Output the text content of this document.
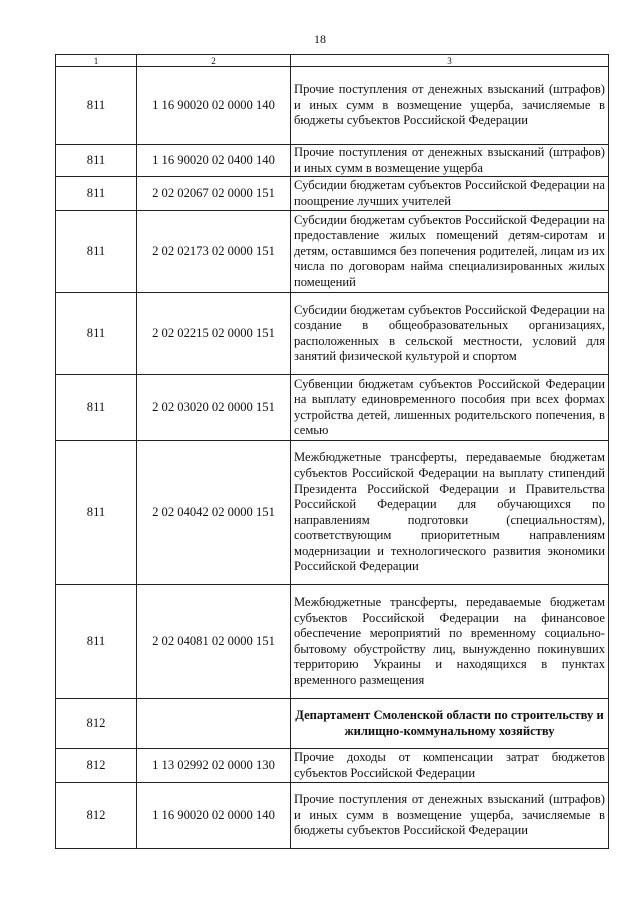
18
1	2	3
811	1 16 90020 02 0000 140	Прочие поступления от денежных взысканий (штрафов) и иных сумм в возмещение ущерба, зачисляемые в бюджеты субъектов Российской Федерации
811	1 16 90020 02 0400 140	Прочие поступления от денежных взысканий (штрафов) и иных сумм в возмещение ущерба
811	2 02 02067 02 0000 151	Субсидии бюджетам субъектов Российской Федерации на поощрение лучших учителей
811	2 02 02173 02 0000 151	Субсидии бюджетам субъектов Российской Федерации на предоставление жилых помещений детям-сиротам и детям, оставшимся без попечения родителей, лицам из их числа по договорам найма специализированных жилых помещений
811	2 02 02215 02 0000 151	Субсидии бюджетам субъектов Российской Федерации на создание в общеобразовательных организациях, расположенных в сельской местности, условий для занятий физической культурой и спортом
811	2 02 03020 02 0000 151	Субвенции бюджетам субъектов Российской Федерации на выплату единовременного пособия при всех формах устройства детей, лишенных родительского попечения, в семью
811	2 02 04042 02 0000 151	Межбюджетные трансферты, передаваемые бюджетам субъектов Российской Федерации на выплату стипендий Президента Российской Федерации и Правительства Российской Федерации для обучающихся по направлениям подготовки (специальностям), соответствующим приоритетным направлениям модернизации и технологического развития экономики Российской Федерации
811	2 02 04081 02 0000 151	Межбюджетные трансферты, передаваемые бюджетам субъектов Российской Федерации на финансовое обеспечение мероприятий по временному социально-бытовому обустройству лиц, вынужденно покинувших территорию Украины и находящихся в пунктах временного размещения
812		Департамент Смоленской области по строительству и жилищно-коммунальному хозяйству
812	1 13 02992 02 0000 130	Прочие доходы от компенсации затрат бюджетов субъектов Российской Федерации
812	1 16 90020 02 0000 140	Прочие поступления от денежных взысканий (штрафов) и иных сумм в возмещение ущерба, зачисляемые в бюджеты субъектов Российской Федерации
